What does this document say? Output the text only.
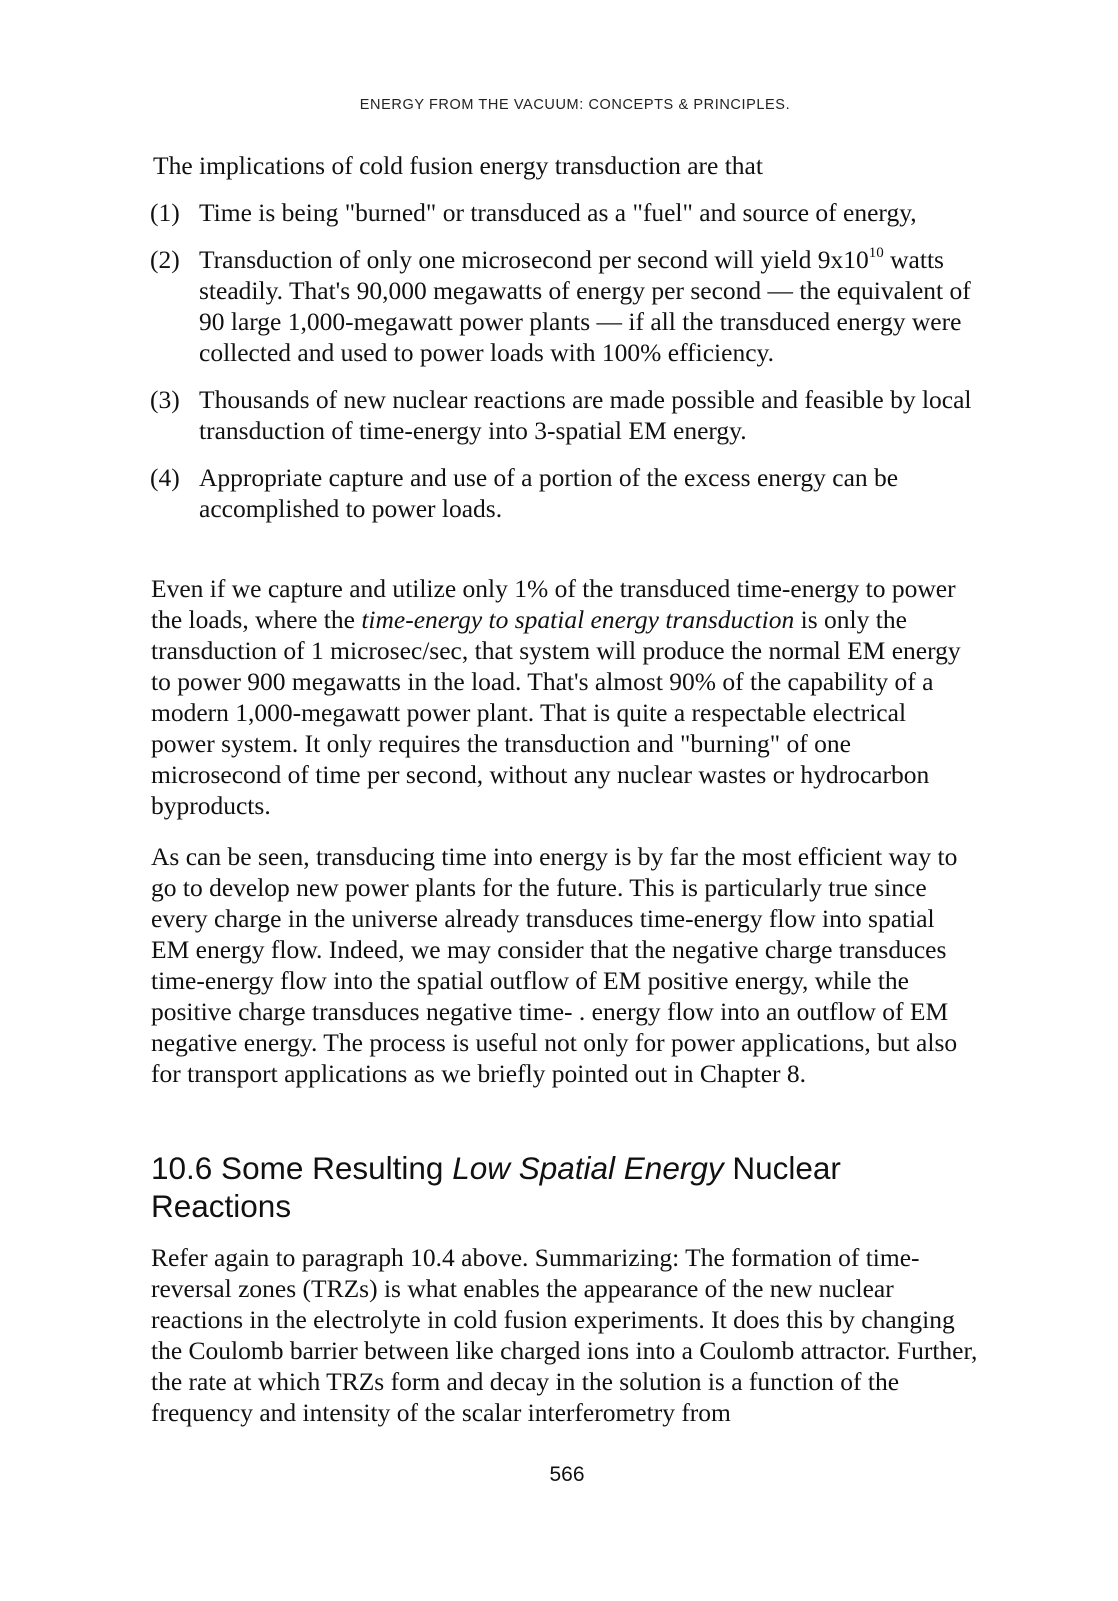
ENERGY FROM THE VACUUM: CONCEPTS & PRINCIPLES.
The implications of cold fusion energy transduction are that
(1) Time is being "burned" or transduced as a "fuel" and source of energy,
(2) Transduction of only one microsecond per second will yield $9x10^{10}$ watts steadily. That's 90,000 megawatts of energy per second — the equivalent of 90 large 1,000-megawatt power plants — if all the transduced energy were collected and used to power loads with 100% efficiency.
(3) Thousands of new nuclear reactions are made possible and feasible by local transduction of time-energy into 3-spatial EM energy.
(4) Appropriate capture and use of a portion of the excess energy can be accomplished to power loads.
Even if we capture and utilize only 1% of the transduced time-energy to power the loads, where the time-energy to spatial energy transduction is only the transduction of 1 microsec/sec, that system will produce the normal EM energy to power 900 megawatts in the load. That's almost 90% of the capability of a modern 1,000-megawatt power plant. That is quite a respectable electrical power system. It only requires the transduction and "burning" of one microsecond of time per second, without any nuclear wastes or hydrocarbon byproducts.
As can be seen, transducing time into energy is by far the most efficient way to go to develop new power plants for the future. This is particularly true since every charge in the universe already transduces time-energy flow into spatial EM energy flow. Indeed, we may consider that the negative charge transduces time-energy flow into the spatial outflow of EM positive energy, while the positive charge transduces negative time- . energy flow into an outflow of EM negative energy. The process is useful not only for power applications, but also for transport applications as we briefly pointed out in Chapter 8.
10.6 Some Resulting Low Spatial Energy Nuclear Reactions
Refer again to paragraph 10.4 above. Summarizing: The formation of time-reversal zones (TRZs) is what enables the appearance of the new nuclear reactions in the electrolyte in cold fusion experiments. It does this by changing the Coulomb barrier between like charged ions into a Coulomb attractor. Further, the rate at which TRZs form and decay in the solution is a function of the frequency and intensity of the scalar interferometry from
566
